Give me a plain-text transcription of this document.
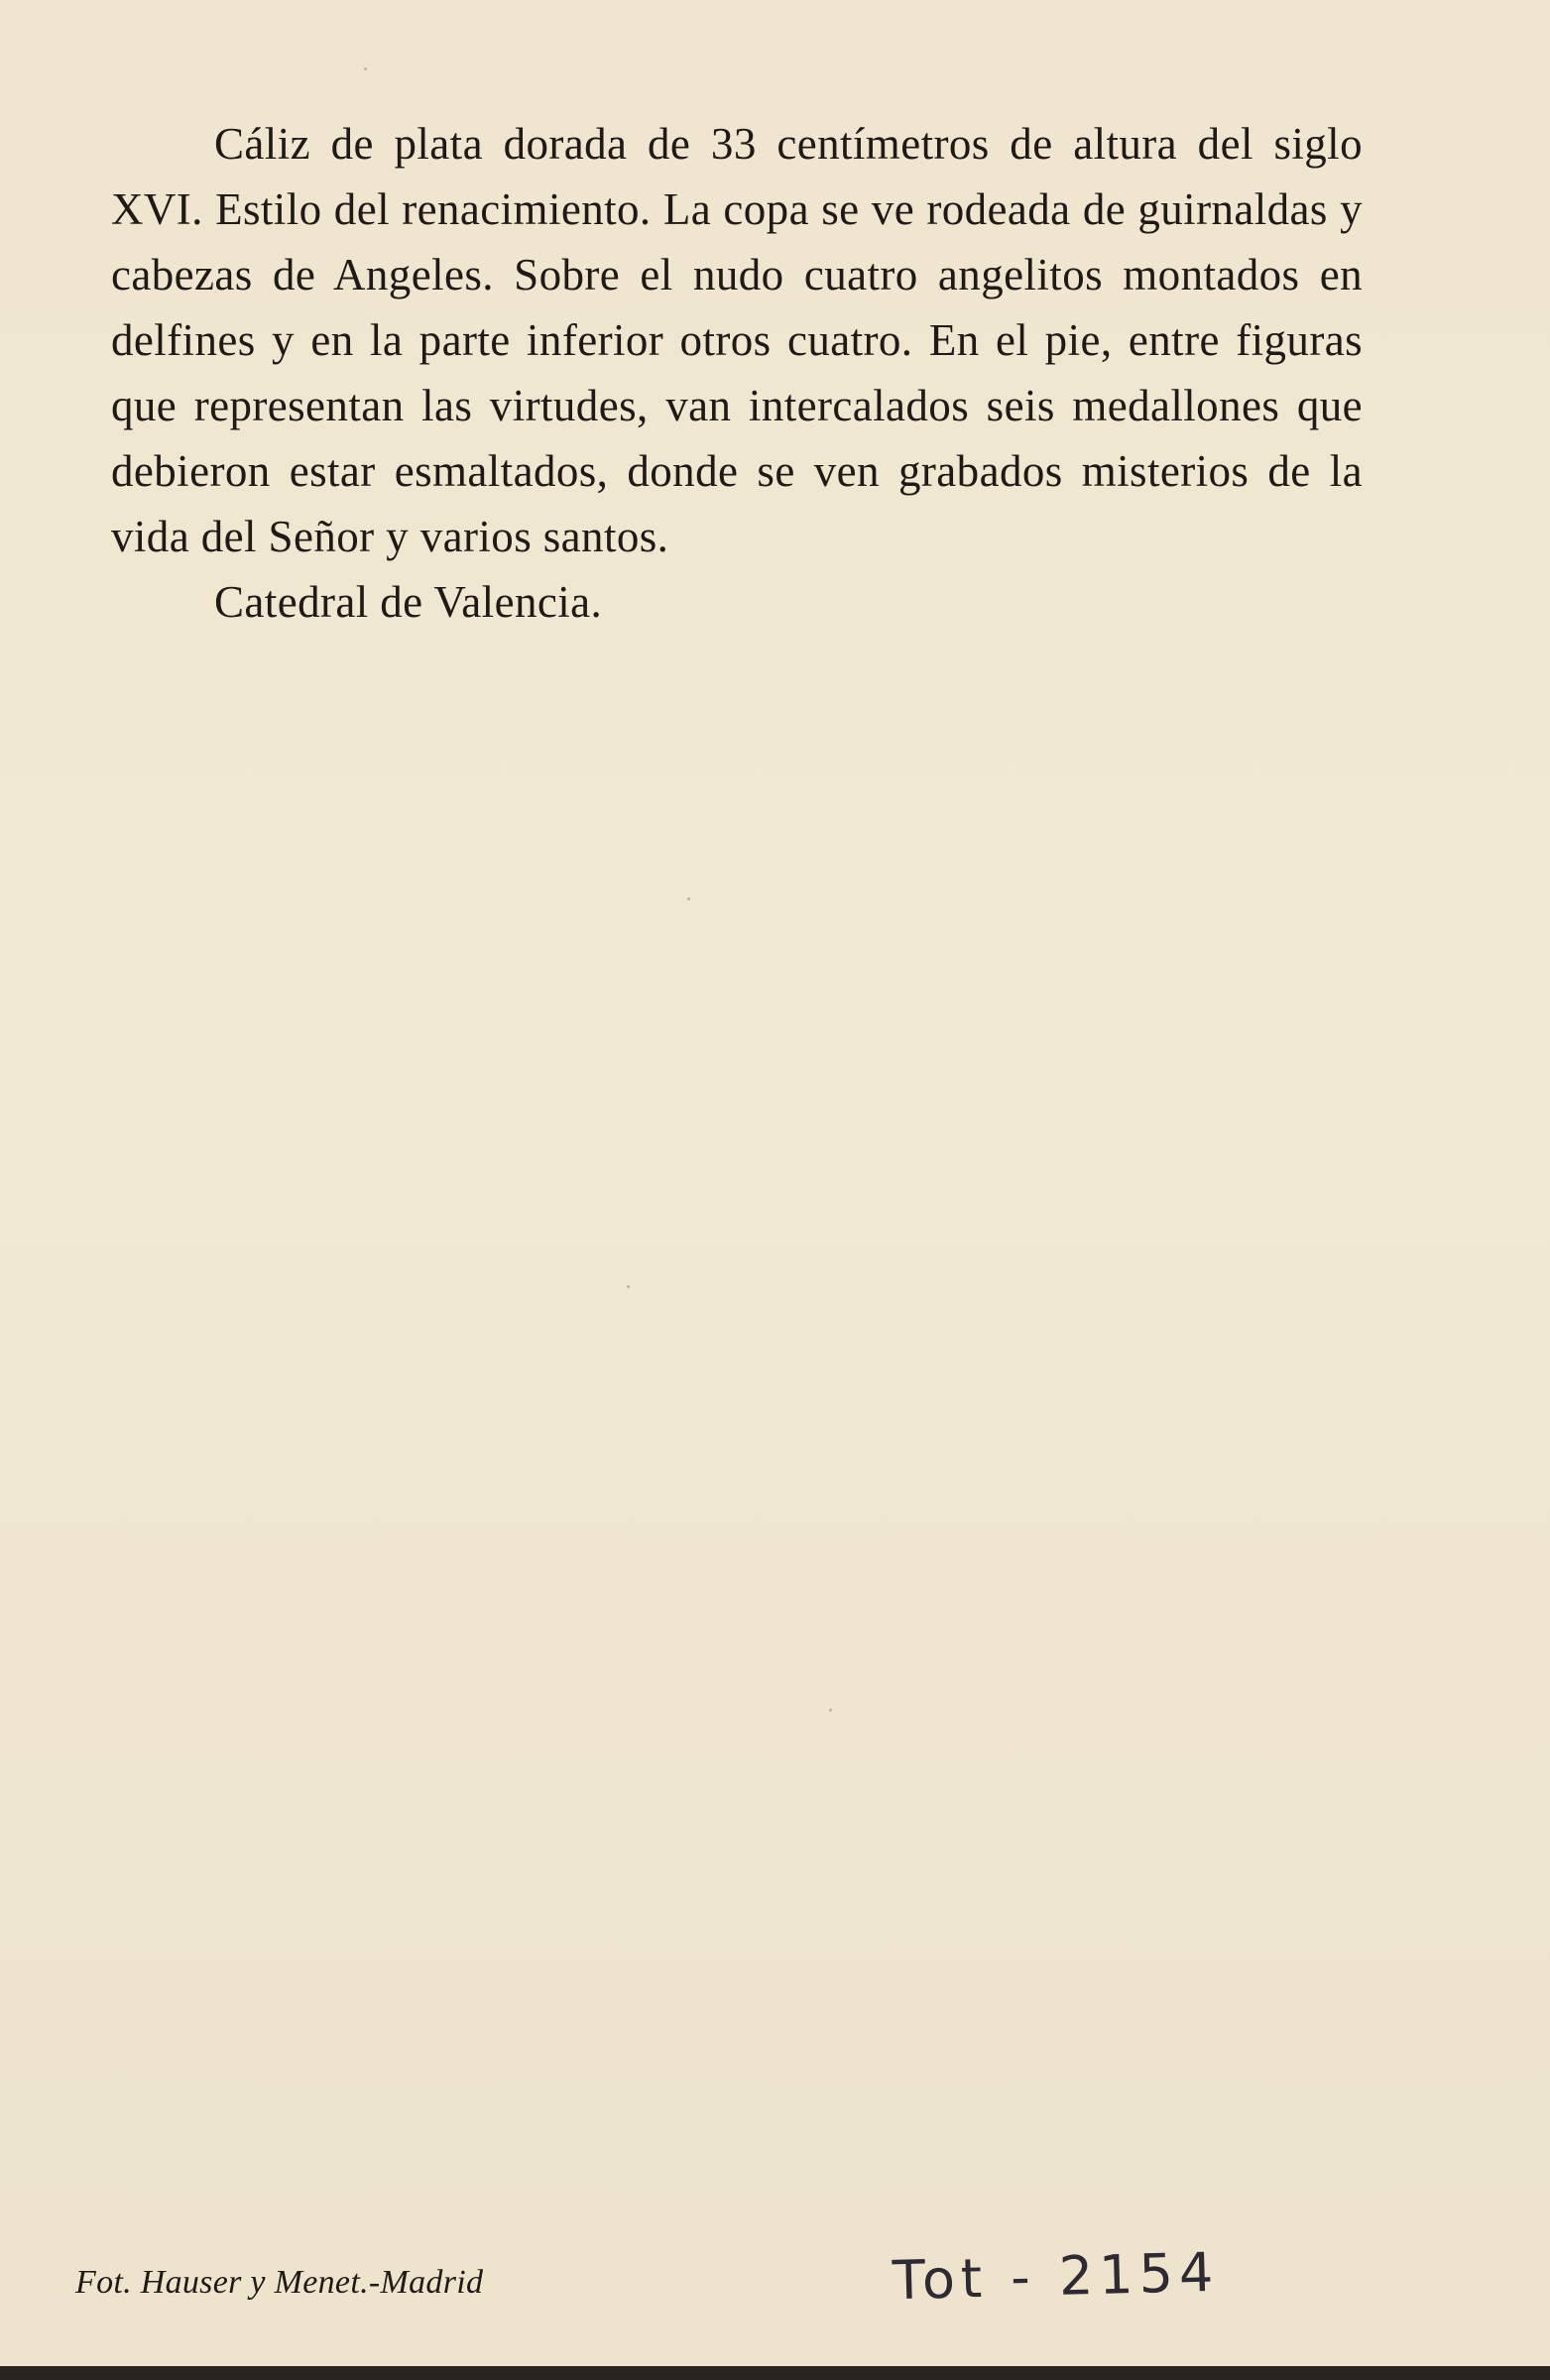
Cáliz de plata dorada de 33 centímetros de altura del siglo XVI. Estilo del renacimiento. La copa se ve rodeada de guirnaldas y cabezas de Angeles. Sobre el nudo cuatro angelitos montados en delfines y en la parte inferior otros cuatro. En el pie, entre figuras que representan las virtudes, van intercalados seis medallones que debieron estar esmaltados, donde se ven grabados misterios de la vida del Señor y varios santos.

Catedral de Valencia.

Fot. Hauser y Menet.-Madrid	Tot - 2154
